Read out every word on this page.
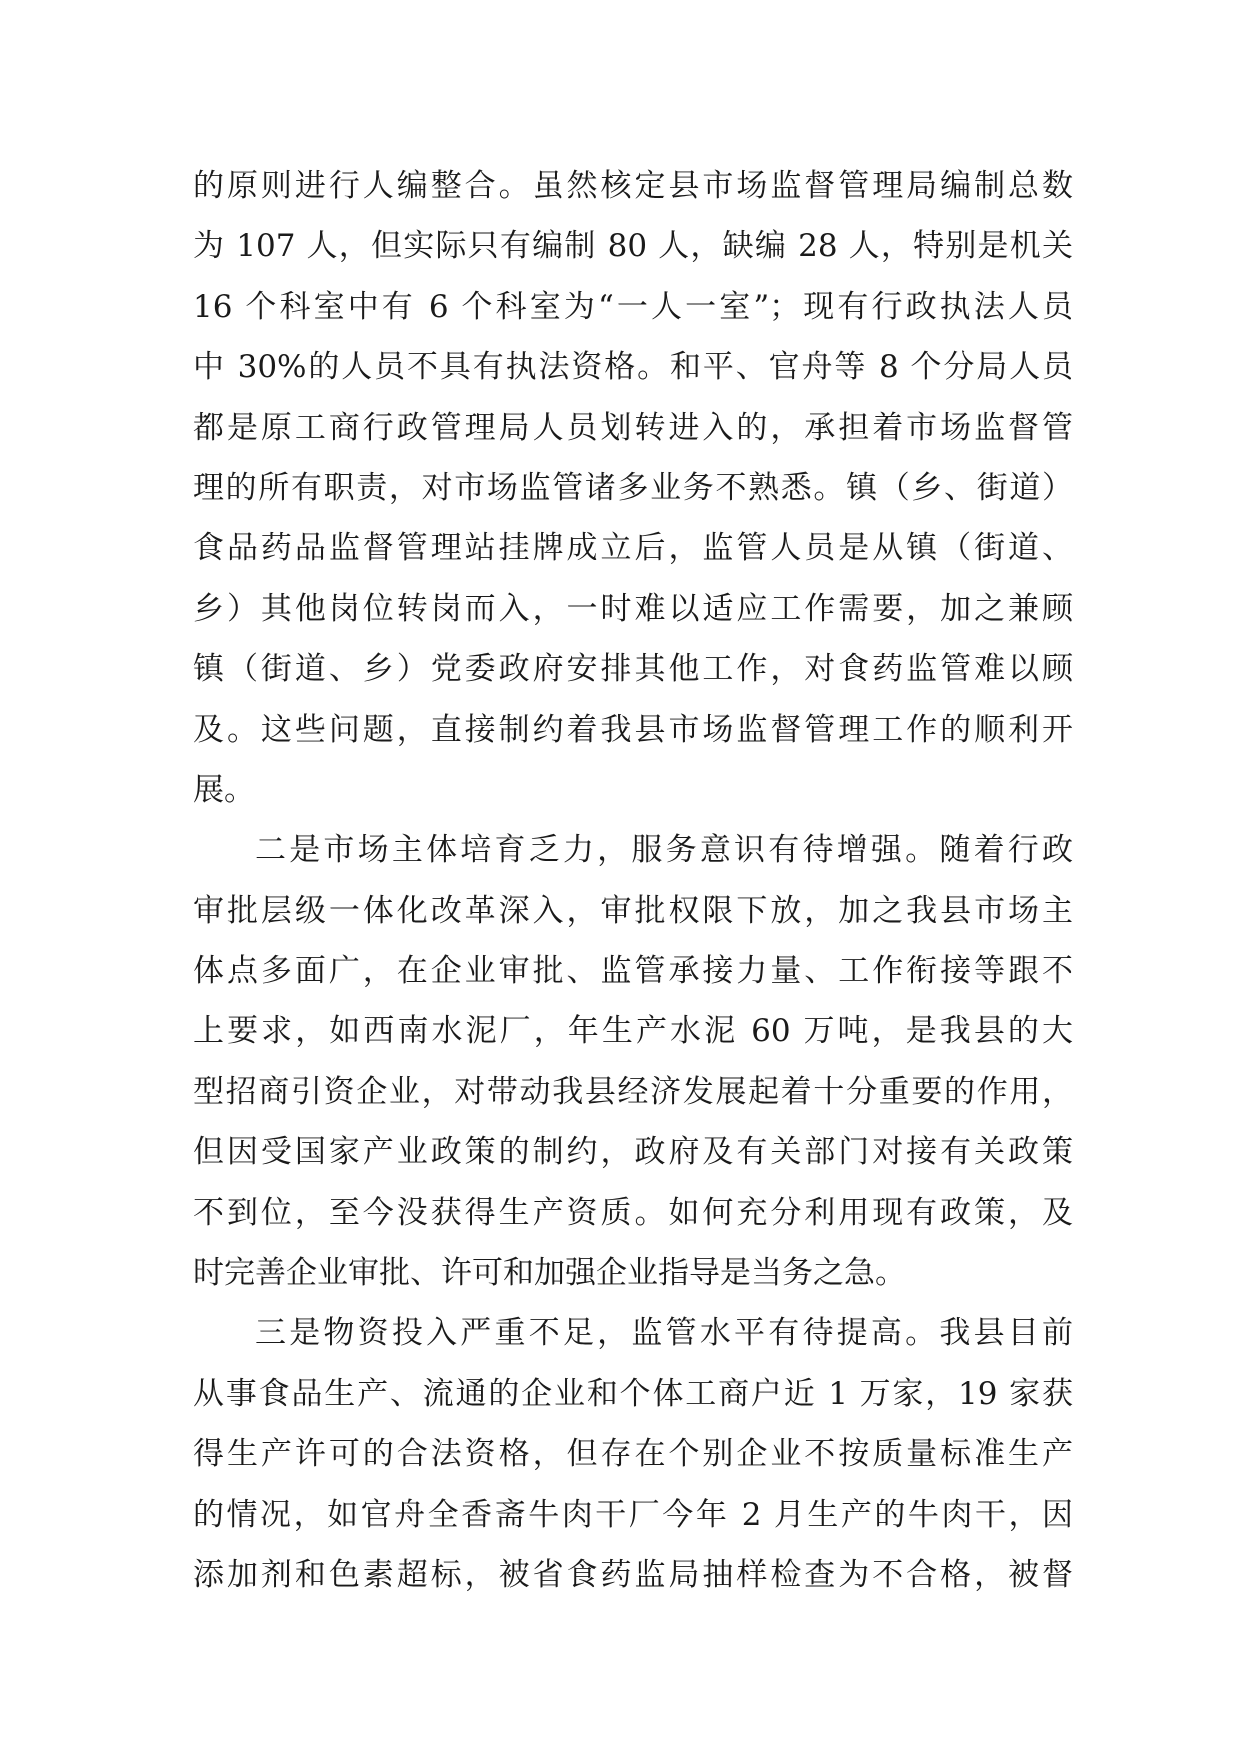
的原则进行人编整合。虽然核定县市场监督管理局编制总数
为 107 人，但实际只有编制 80 人，缺编 28 人，特别是机关
16 个科室中有 6 个科室为“一人一室”；现有行政执法人员
中 30%的人员不具有执法资格。和平、官舟等 8 个分局人员
都是原工商行政管理局人员划转进入的，承担着市场监督管
理的所有职责，对市场监管诸多业务不熟悉。镇（乡、街道）
食品药品监督管理站挂牌成立后，监管人员是从镇（街道、
乡）其他岗位转岗而入，一时难以适应工作需要，加之兼顾
镇（街道、乡）党委政府安排其他工作，对食药监管难以顾
及。这些问题，直接制约着我县市场监督管理工作的顺利开
展。
二是市场主体培育乏力，服务意识有待增强。随着行政
审批层级一体化改革深入，审批权限下放，加之我县市场主
体点多面广，在企业审批、监管承接力量、工作衔接等跟不
上要求，如西南水泥厂，年生产水泥 60 万吨，是我县的大
型招商引资企业，对带动我县经济发展起着十分重要的作用，
但因受国家产业政策的制约，政府及有关部门对接有关政策
不到位，至今没获得生产资质。如何充分利用现有政策，及
时完善企业审批、许可和加强企业指导是当务之急。
三是物资投入严重不足，监管水平有待提高。我县目前
从事食品生产、流通的企业和个体工商户近 1 万家，19 家获
得生产许可的合法资格，但存在个别企业不按质量标准生产
的情况，如官舟全香斋牛肉干厂今年 2 月生产的牛肉干，因
添加剂和色素超标，被省食药监局抽样检查为不合格，被督
